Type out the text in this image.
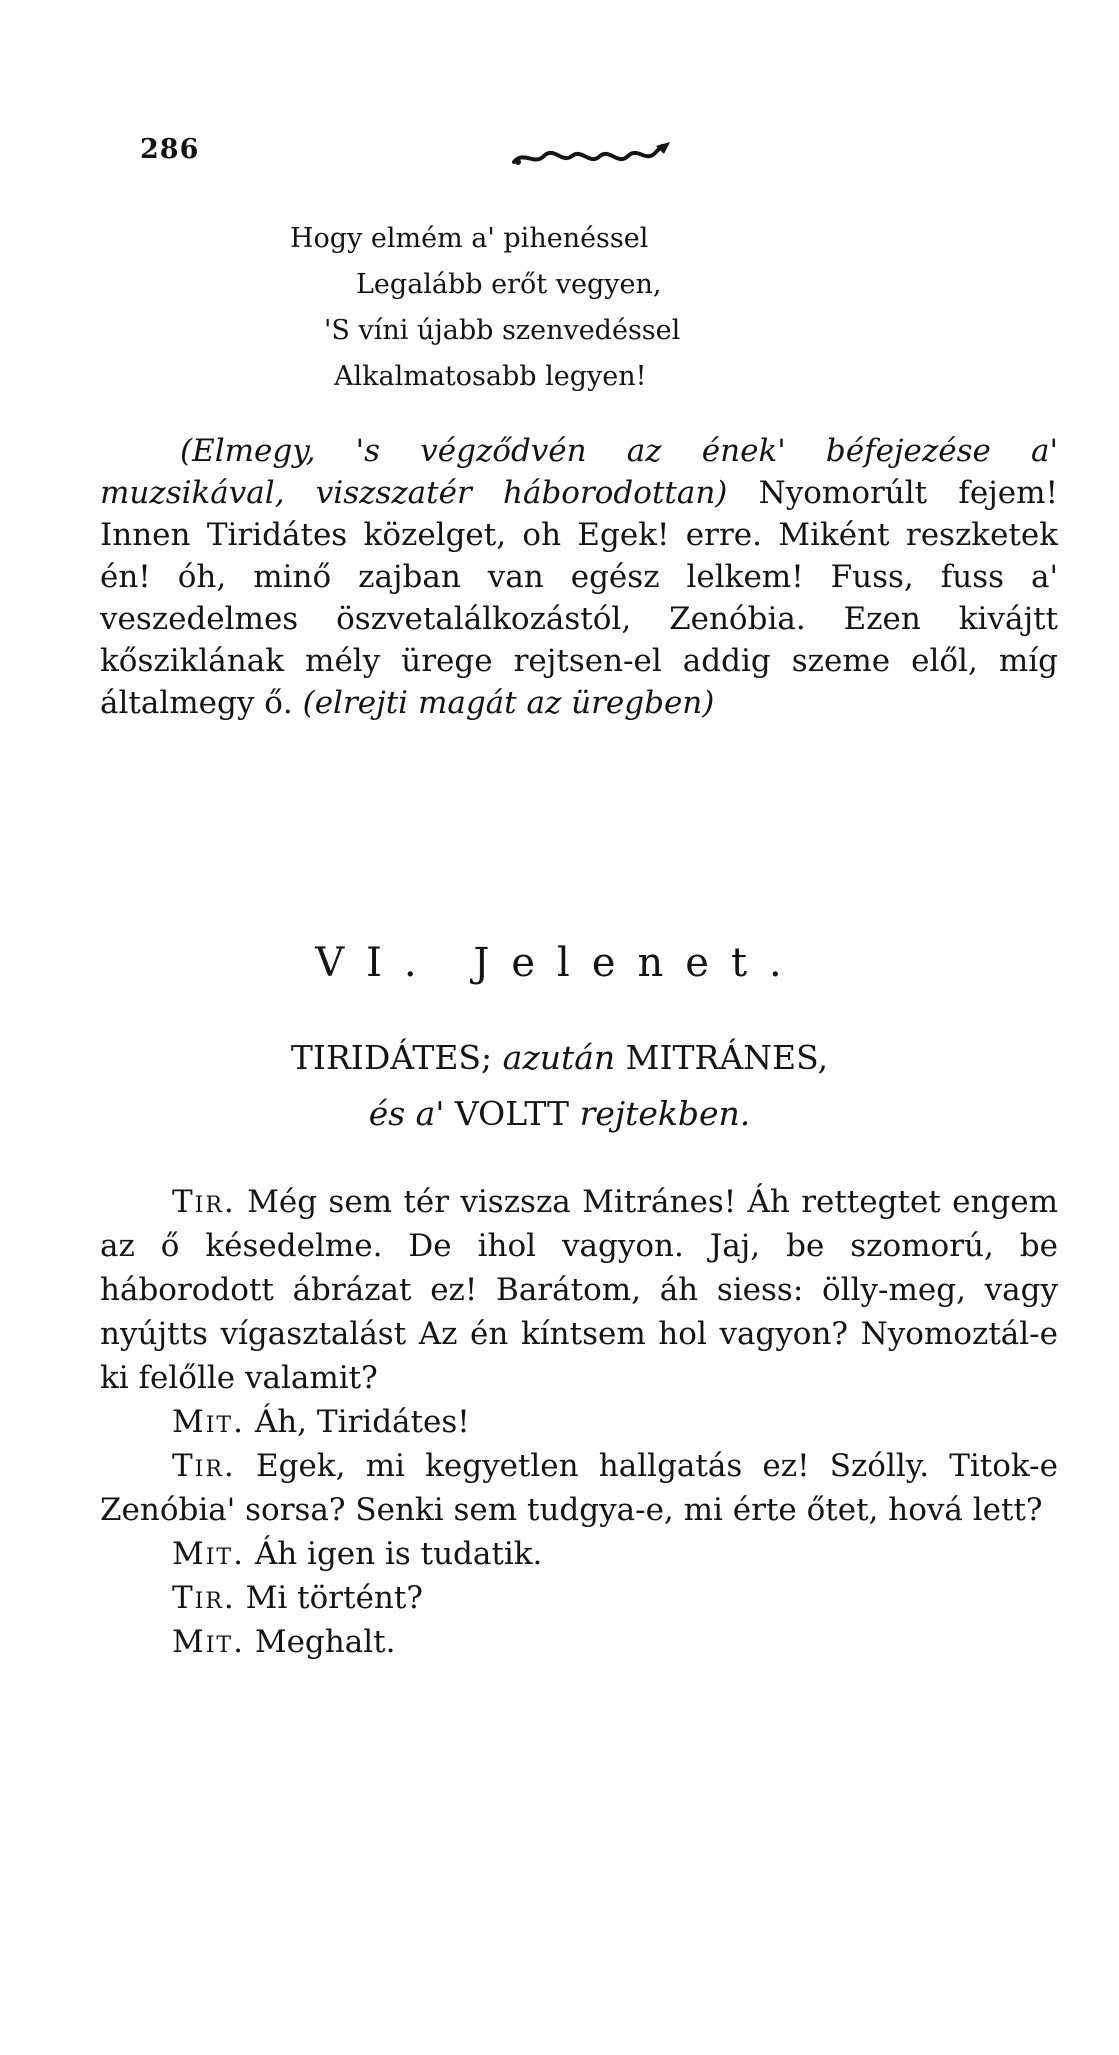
286
Hogy elmém a' pihenéssel
Legalább erőt vegyen,
'S víni újabb szenvedéssel
Alkalmatosabb legyen!

(Elmegy, 's végződvén az ének' béfejezése a' muzsikával, viszszatér háborodottan) Nyomorúlt fejem! Innen Tiridátes közelget, oh Egek! erre. Miként reszketek én! óh, minő zajban van egész lelkem! Fuss, fuss a' veszedelmes öszvetalálkozástól, Zenóbia. Ezen kivájtt kősziklának mély ürege rejtsen-el addig szeme elől, míg általmegy ő. (elrejti magát az üregben)

VI. Jelenet.
TIRIDÁTES; azután MITRÁNES,
és a' VOLTT rejtekben.

Tir. Még sem tér viszsza Mitránes! Áh rettegtet engem az ő késedelme. De ihol vagyon. Jaj, be szomorú, be háborodott ábrázat ez! Barátom, áh siess: ölly-meg, vagy nyújtts vígasztalást Az én kíntsem hol vagyon? Nyomoztál-e ki felőlle valamit?

Mit. Áh, Tiridátes!

Tir. Egek, mi kegyetlen hallgatás ez! Szólly. Titok-e Zenóbia' sorsa? Senki sem tudgya-e, mi érte őtet, hová lett?

Mit. Áh igen is tudatik.

Tir. Mi történt?

Mit. Meghalt.
